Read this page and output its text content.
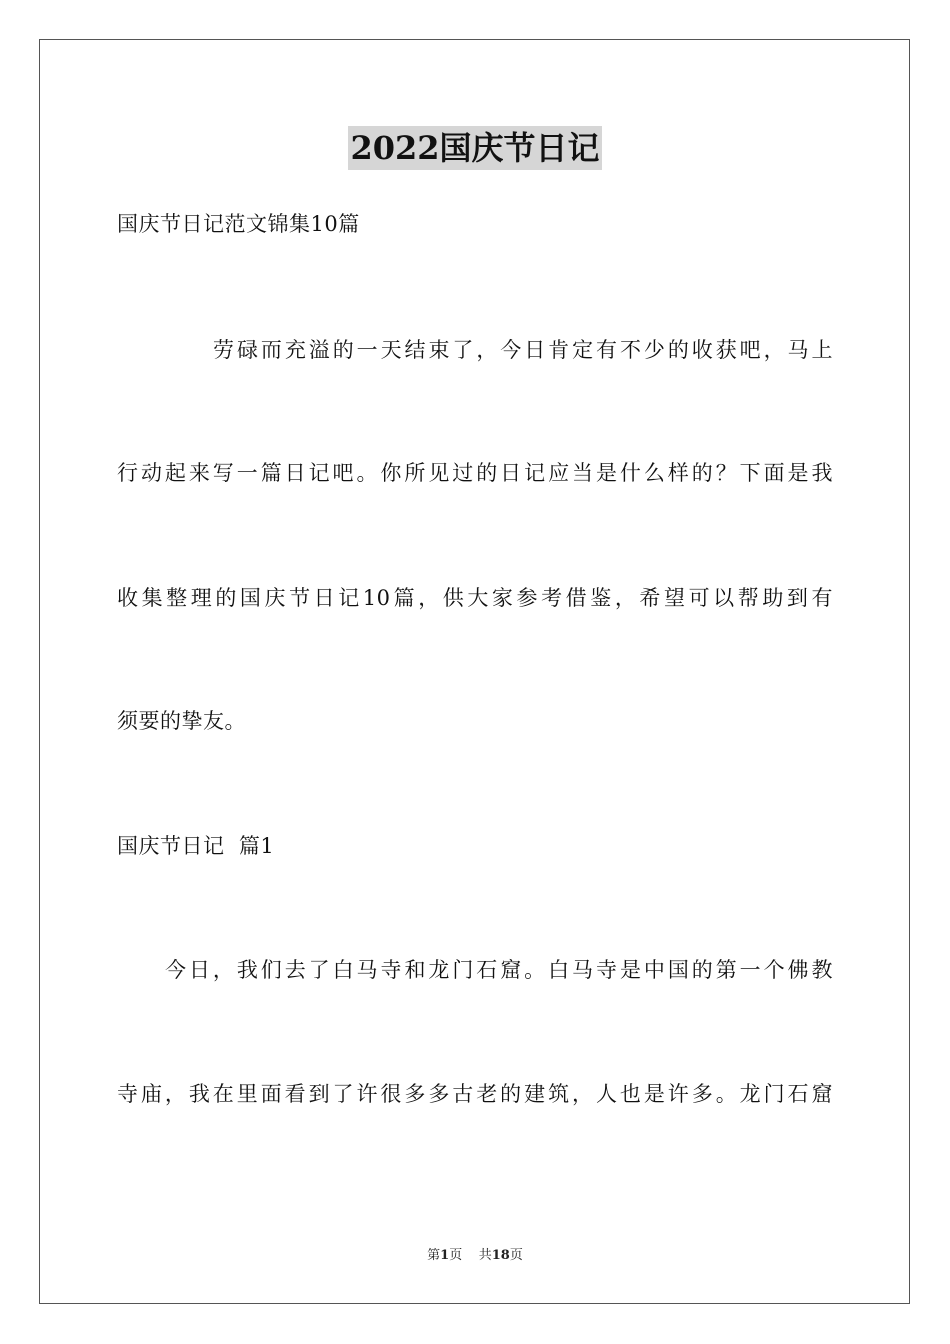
2022国庆节日记
国庆节日记范文锦集10篇
劳碌而充溢的一天结束了，今日肯定有不少的收获吧，马上
行动起来写一篇日记吧。你所见过的日记应当是什么样的？下面是我
收集整理的国庆节日记10篇，供大家参考借鉴，希望可以帮助到有
须要的挚友。
国庆节日记  篇1
今日，我们去了白马寺和龙门石窟。白马寺是中国的第一个佛教
寺庙，我在里面看到了许很多多古老的建筑，人也是许多。龙门石窟
第1页 共18页
